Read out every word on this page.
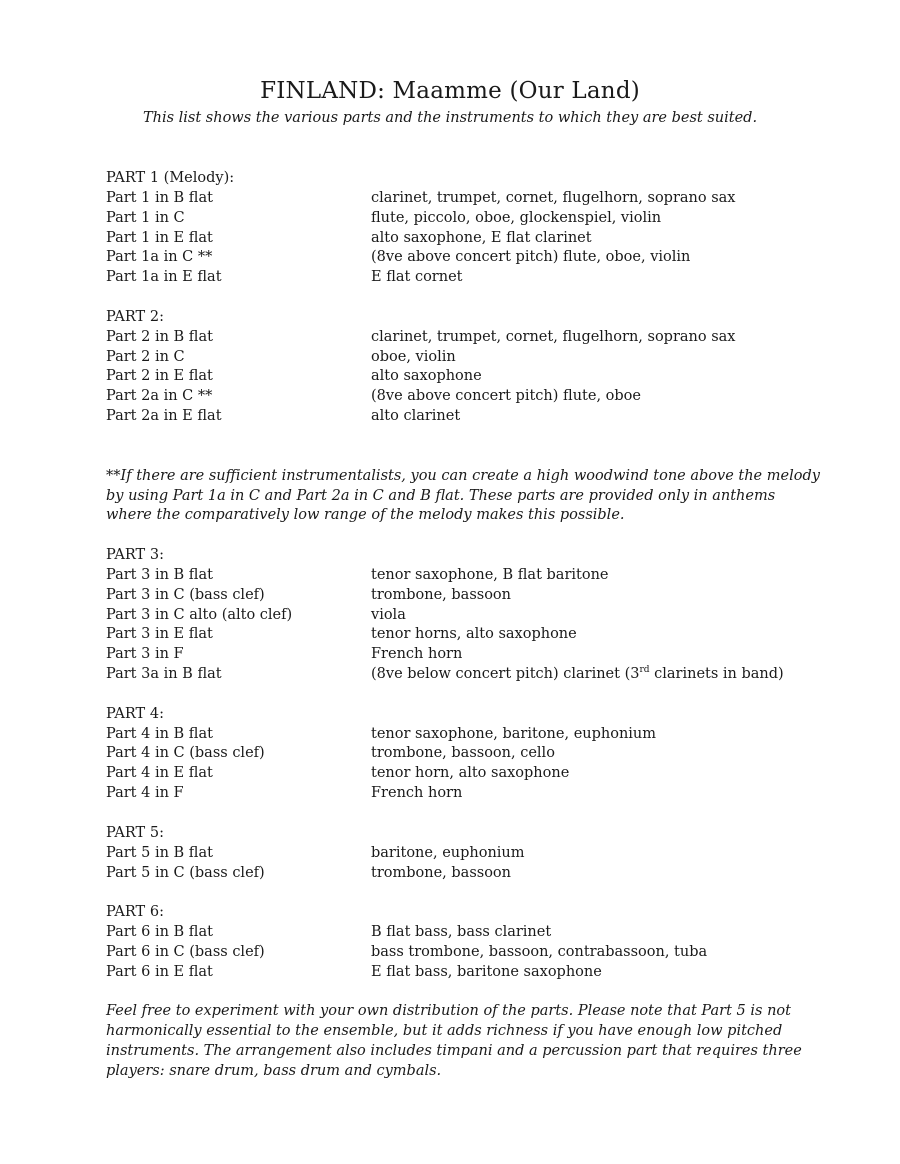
FINLAND: Maamme (Our Land)
This list shows the various parts and the instruments to which they are best suited.
PART 1 (Melody):
Part 1 in B flat	clarinet, trumpet, cornet, flugelhorn, soprano sax
Part 1 in C	flute, piccolo, oboe, glockenspiel, violin
Part 1 in E flat	alto saxophone, E flat clarinet
Part 1a in C **	(8ve above concert pitch) flute, oboe, violin
Part 1a in E flat	E flat cornet
PART 2:
Part 2 in B flat	clarinet, trumpet, cornet, flugelhorn, soprano sax
Part 2 in C	oboe, violin
Part 2 in E flat	alto saxophone
Part 2a in C **	(8ve above concert pitch) flute, oboe
Part 2a in E flat	alto clarinet
**If there are sufficient instrumentalists, you can create a high woodwind tone above the melody
by using Part 1a in C and Part 2a in C and B flat. These parts are provided only in anthems
where the comparatively low range of the melody makes this possible.
PART 3:
Part 3 in B flat	tenor saxophone, B flat baritone
Part 3 in C (bass clef)	trombone, bassoon
Part 3 in C alto (alto clef)	viola
Part 3 in E flat	tenor horns, alto saxophone
Part 3 in F	French horn
Part 3a in B flat	(8ve below concert pitch) clarinet (3rd clarinets in band)
PART 4:
Part 4 in B flat	tenor saxophone, baritone, euphonium
Part 4 in C (bass clef)	trombone, bassoon, cello
Part 4 in E flat	tenor horn, alto saxophone
Part 4 in F	French horn
PART 5:
Part 5 in B flat	baritone, euphonium
Part 5 in C (bass clef)	trombone, bassoon
PART 6:
Part 6 in B flat	B flat bass, bass clarinet
Part 6 in C (bass clef)	bass trombone, bassoon, contrabassoon, tuba
Part 6 in E flat	E flat bass, baritone saxophone
Feel free to experiment with your own distribution of the parts. Please note that Part 5 is not
harmonically essential to the ensemble, but it adds richness if you have enough low pitched
instruments. The arrangement also includes timpani and a percussion part that requires three
players: snare drum, bass drum and cymbals.
